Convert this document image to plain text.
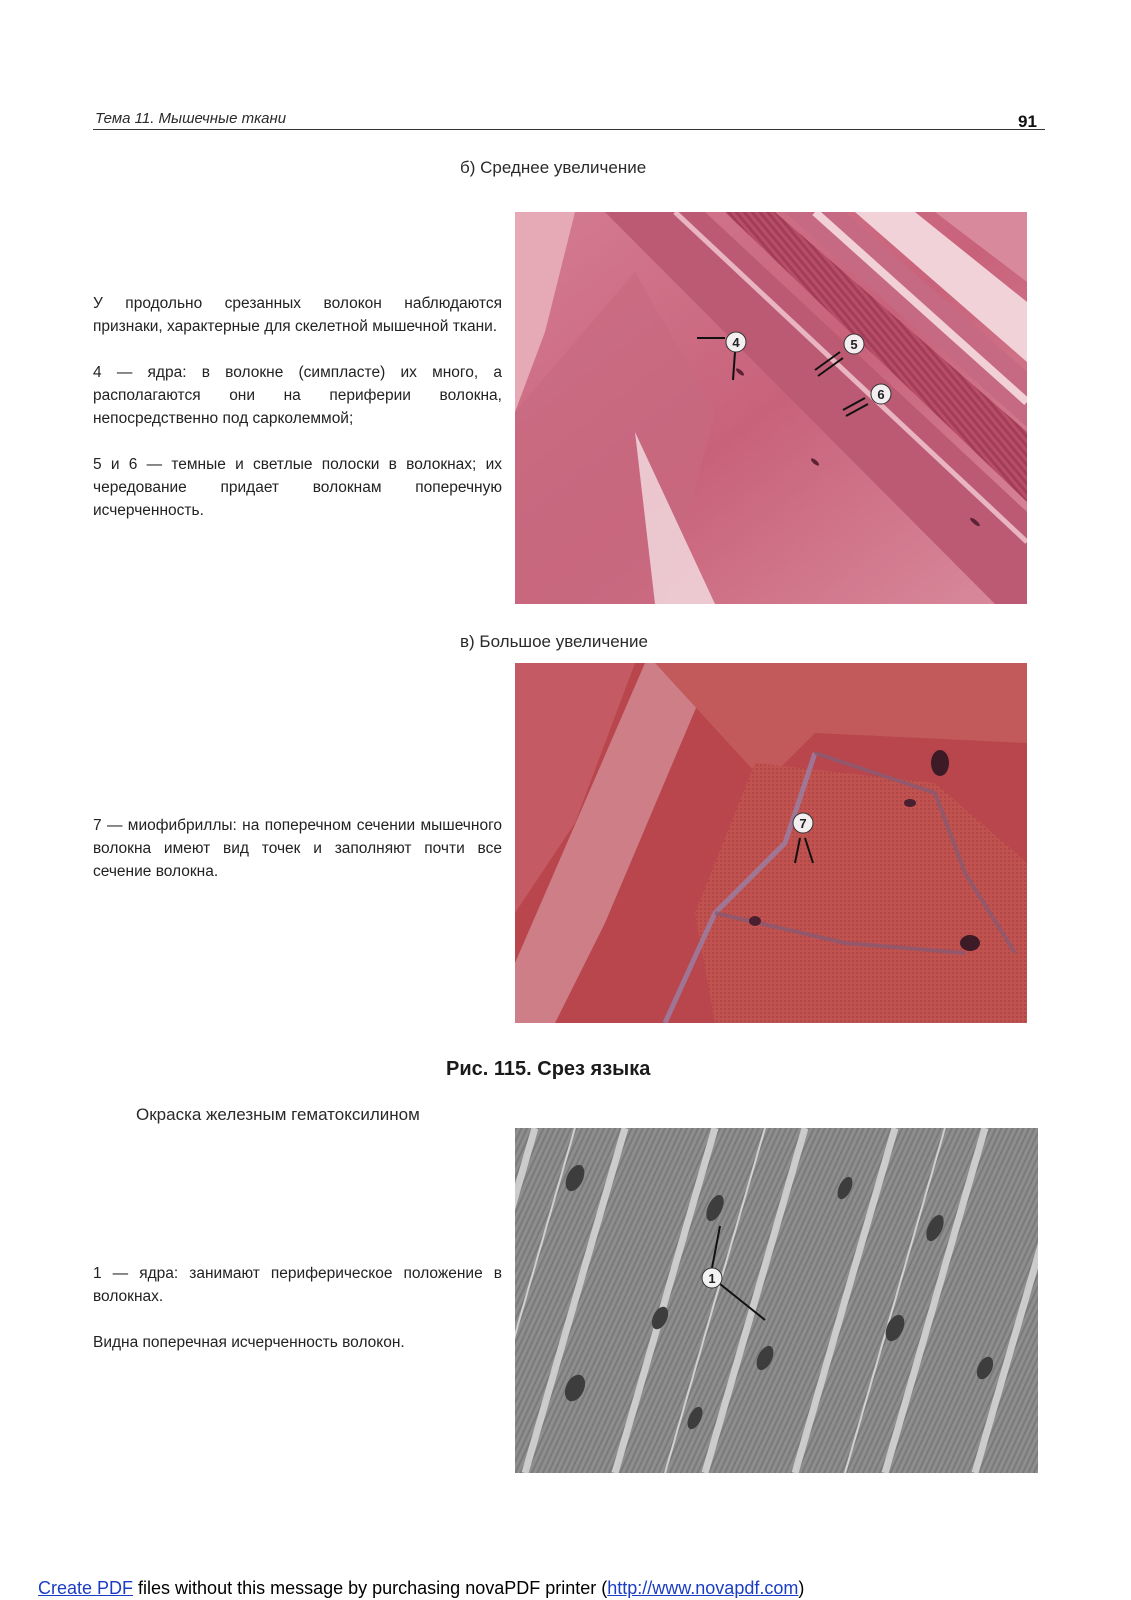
Тема 11. Мышечные ткани	91
б) Среднее увеличение

У продольно срезанных волокон наблюдаются признаки, характерные для скелетной мышечной ткани.

4 — ядра: в волокне (симпласте) их много, а располагаются они на периферии волокна, непосредственно под сарколеммой;

5 и 6 — темные и светлые полоски в волокнах; их чередование придает волокнам поперечную исчерченность.

4	5
6
в) Большое увеличение

7 — миофибриллы: на поперечном сечении мышечного волокна имеют вид точек и заполняют почти все сечение волокна.

7
Рис. 115. Срез языка
Окраска железным гематоксилином

1 — ядра: занимают периферическое положение в волокнах.

Видна поперечная исчерченность волокон.

1
Create PDF files without this message by purchasing novaPDF printer (http://www.novapdf.com)
